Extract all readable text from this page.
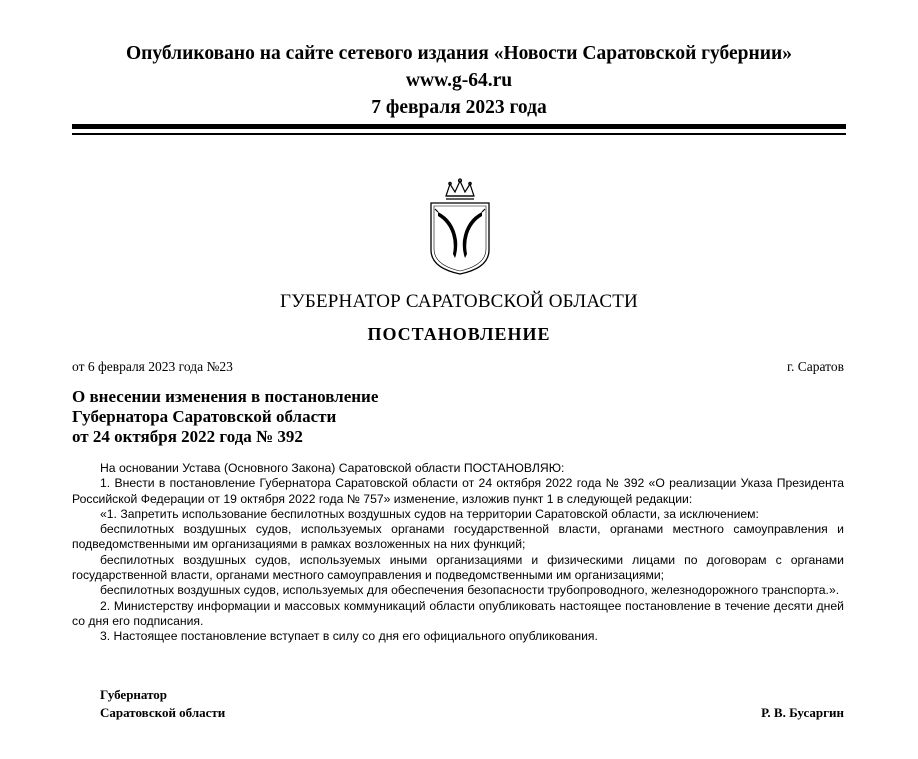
Опубликовано на сайте сетевого издания «Новости Саратовской губернии»
www.g-64.ru
7 февраля 2023 года
ГУБЕРНАТОР САРАТОВСКОЙ ОБЛАСТИ
ПОСТАНОВЛЕНИЕ
от 6 февраля 2023 года №23	г. Саратов
О внесении изменения в постановление
Губернатора Саратовской области
от 24 октября 2022 года № 392

На основании Устава (Основного Закона) Саратовской области ПОСТАНОВЛЯЮ:

1. Внести в постановление Губернатора Саратовской области от 24 октября 2022 года № 392 «О реализации Указа Президента Российской Федерации от 19 октября 2022 года № 757» изменение, изложив пункт 1 в следующей редакции:

«1. Запретить использование беспилотных воздушных судов на территории Саратовской области, за исключением:

беспилотных воздушных судов, используемых органами государственной власти, органами местного самоуправления и подведомственными им организациями в рамках возложенных на них функций;

беспилотных воздушных судов, используемых иными организациями и физическими лицами по договорам с органами государственной власти, органами местного самоуправления и подведомственными им организациями;

беспилотных воздушных судов, используемых для обеспечения безопасности трубопроводного, железнодорожного транспорта.».

2. Министерству информации и массовых коммуникаций области опубликовать настоящее постановление в течение десяти дней со дня его подписания.

3. Настоящее постановление вступает в силу со дня его официального опубликования.

Губернатор
Саратовской области	Р. В. Бусаргин
